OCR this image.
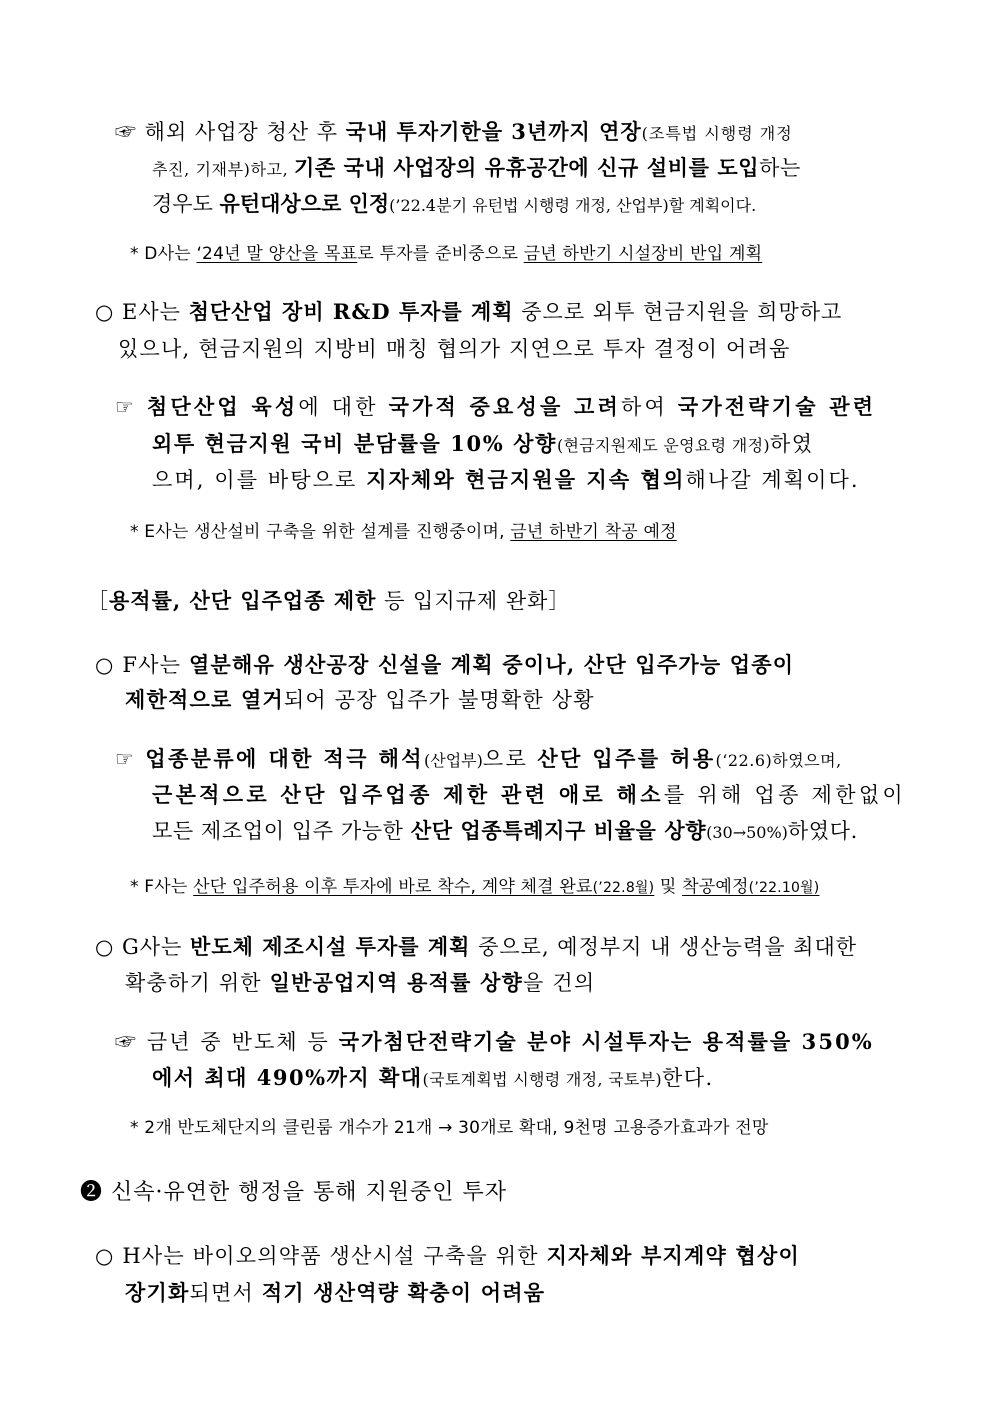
☞ 해외 사업장 청산 후 국내 투자기한을 3년까지 연장(조특법 시행령 개정
추진, 기재부)하고, 기존 국내 사업장의 유휴공간에 신규 설비를 도입하는
경우도 유턴대상으로 인정(’22.4분기 유턴법 시행령 개정, 산업부)할 계획이다.
* D사는 ‘24년 말 양산을 목표로 투자를 준비중으로 금년 하반기 시설장비 반입 계획
○ E사는 첨단산업 장비 R&D 투자를 계획 중으로 외투 현금지원을 희망하고
있으나, 현금지원의 지방비 매칭 협의가 지연으로 투자 결정이 어려움
☞ 첨단산업 육성에 대한 국가적 중요성을 고려하여 국가전략기술 관련
외투 현금지원 국비 분담률을 10% 상향(현금지원제도 운영요령 개정)하였
으며, 이를 바탕으로 지자체와 현금지원을 지속 협의해나갈 계획이다.
* E사는 생산설비 구축을 위한 설계를 진행중이며, 금년 하반기 착공 예정
［용적률, 산단 입주업종 제한 등 입지규제 완화］
○ F사는 열분해유 생산공장 신설을 계획 중이나, 산단 입주가능 업종이
제한적으로 열거되어 공장 입주가 불명확한 상황
☞ 업종분류에 대한 적극 해석(산업부)으로 산단 입주를 허용(‘22.6)하였으며,
근본적으로 산단 입주업종 제한 관련 애로 해소를 위해 업종 제한없이
모든 제조업이 입주 가능한 산단 업종특례지구 비율을 상향(30→50%)하였다.
* F사는 산단 입주허용 이후 투자에 바로 착수, 계약 체결 완료(’22.8월) 및 착공예정(’22.10월)
○ G사는 반도체 제조시설 투자를 계획 중으로, 예정부지 내 생산능력을 최대한
확충하기 위한 일반공업지역 용적률 상향을 건의
☞ 금년 중 반도체 등 국가첨단전략기술 분야 시설투자는 용적률을 350%
에서 최대 490%까지 확대(국토계획법 시행령 개정, 국토부)한다.
* 2개 반도체단지의 클린룸 개수가 21개 → 30개로 확대, 9천명 고용증가효과가 전망
❷ 신속·유연한 행정을 통해 지원중인 투자
○ H사는 바이오의약품 생산시설 구축을 위한 지자체와 부지계약 협상이
장기화되면서 적기 생산역량 확충이 어려움
